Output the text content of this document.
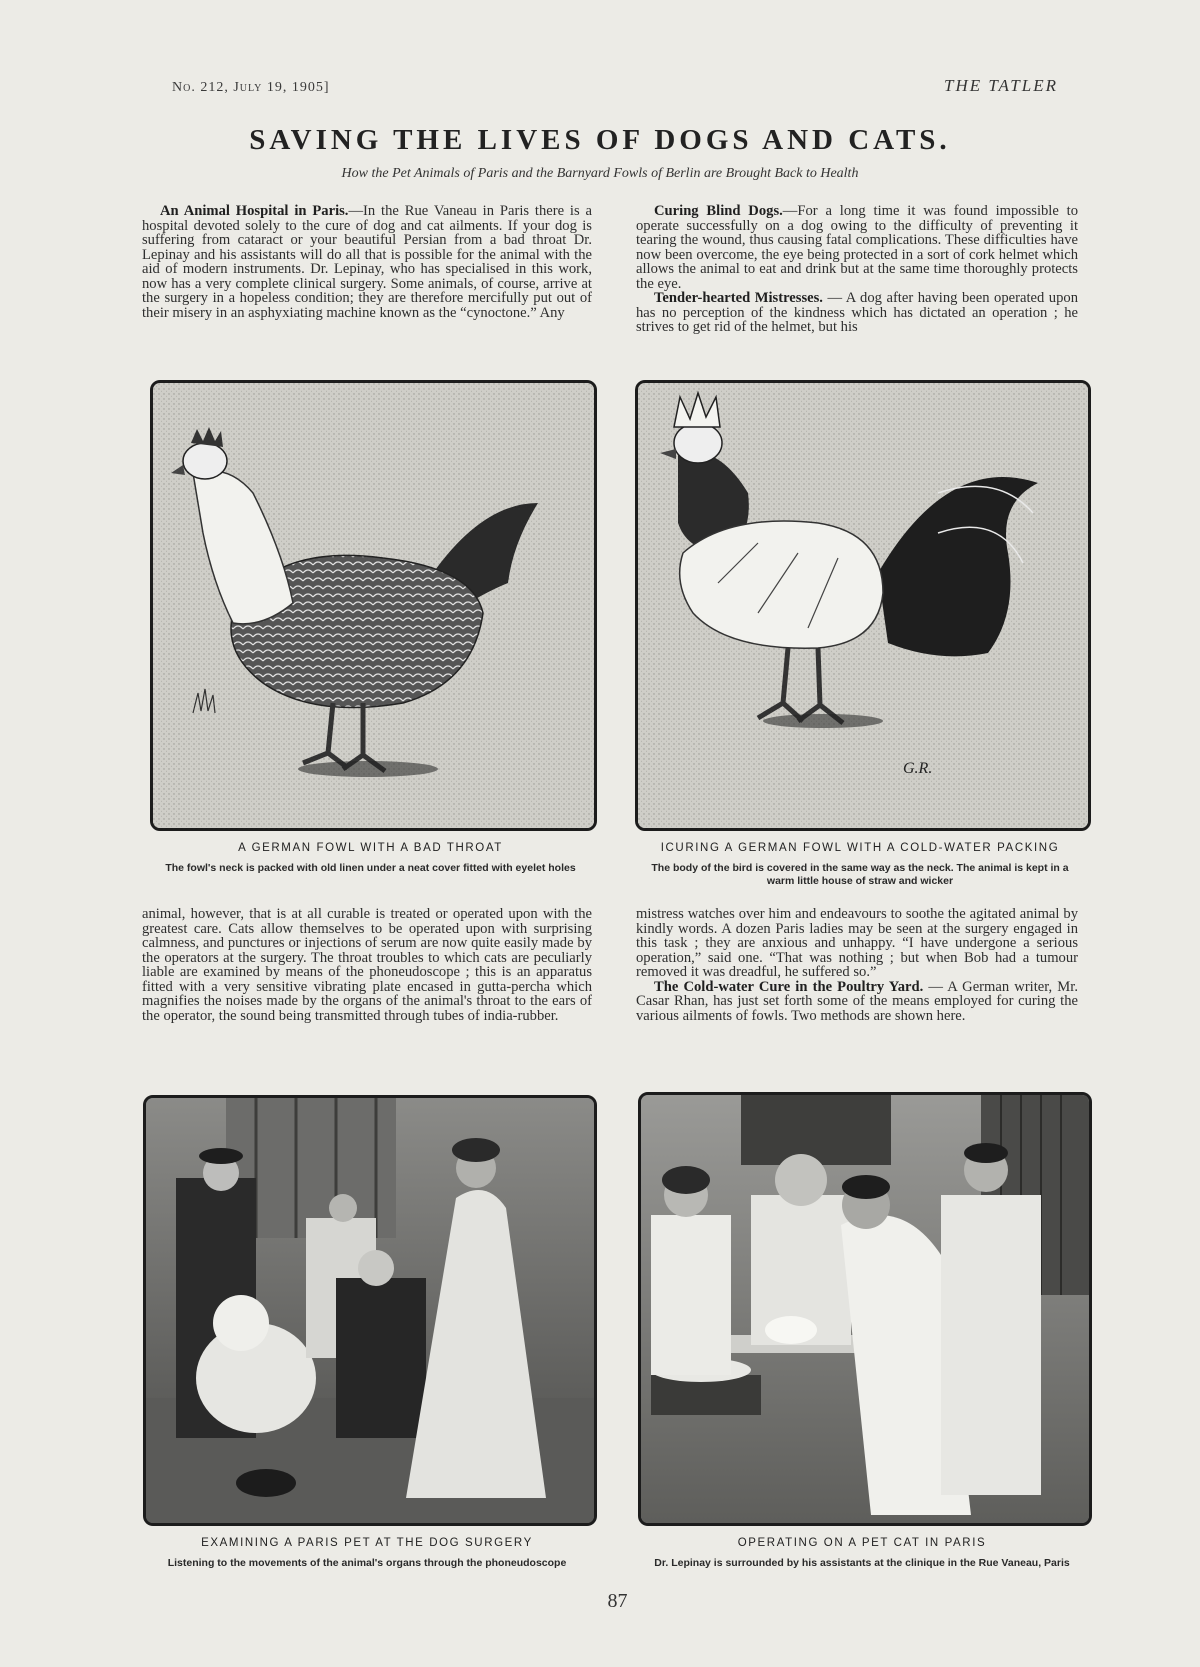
No. 212, July 19, 1905]	THE TATLER
SAVING THE LIVES OF DOGS AND CATS.
How the Pet Animals of Paris and the Barnyard Fowls of Berlin are Brought Back to Health

An Animal Hospital in Paris.—In the Rue Vaneau in Paris there is a hospital devoted solely to the cure of dog and cat ailments. If your dog is suffering from cataract or your beautiful Persian from a bad throat Dr. Lepinay and his assistants will do all that is possible for the animal with the aid of modern instruments. Dr. Lepinay, who has specialised in this work, now has a very complete clinical surgery. Some animals, of course, arrive at the surgery in a hopeless condition; they are therefore mercifully put out of their misery in an asphyxiating machine known as the “cynoctone.” Any

Curing Blind Dogs.—For a long time it was found impossible to operate successfully on a dog owing to the difficulty of preventing it tearing the wound, thus causing fatal complications. These difficulties have now been overcome, the eye being protected in a sort of cork helmet which allows the animal to eat and drink but at the same time thoroughly protects the eye.

Tender-hearted Mistresses. — A dog after having been operated upon has no perception of the kindness which has dictated an operation ; he strives to get rid of the helmet, but his

G.R.
A GERMAN FOWL WITH A BAD THROAT
The fowl's neck is packed with old linen under a neat cover fitted with eyelet holes
ICURING A GERMAN FOWL WITH A COLD-WATER PACKING
The body of the bird is covered in the same way as the neck. The animal is kept in a warm little house of straw and wicker

animal, however, that is at all curable is treated or operated upon with the greatest care. Cats allow themselves to be operated upon with surprising calmness, and punctures or injections of serum are now quite easily made by the operators at the surgery. The throat troubles to which cats are peculiarly liable are examined by means of the phoneudoscope ; this is an apparatus fitted with a very sensitive vibrating plate encased in gutta-percha which magnifies the noises made by the organs of the animal's throat to the ears of the operator, the sound being transmitted through tubes of india-rubber.

mistress watches over him and endeavours to soothe the agitated animal by kindly words. A dozen Paris ladies may be seen at the surgery engaged in this task ; they are anxious and unhappy. “I have undergone a serious operation,” said one. “That was nothing ; but when Bob had a tumour removed it was dreadful, he suffered so.”

The Cold-water Cure in the Poultry Yard. — A German writer, Mr. Casar Rhan, has just set forth some of the means employed for curing the various ailments of fowls. Two methods are shown here.

EXAMINING A PARIS PET AT THE DOG SURGERY
Listening to the movements of the animal's organs through the phoneudoscope
OPERATING ON A PET CAT IN PARIS
Dr. Lepinay is surrounded by his assistants at the clinique in the Rue Vaneau, Paris
87
